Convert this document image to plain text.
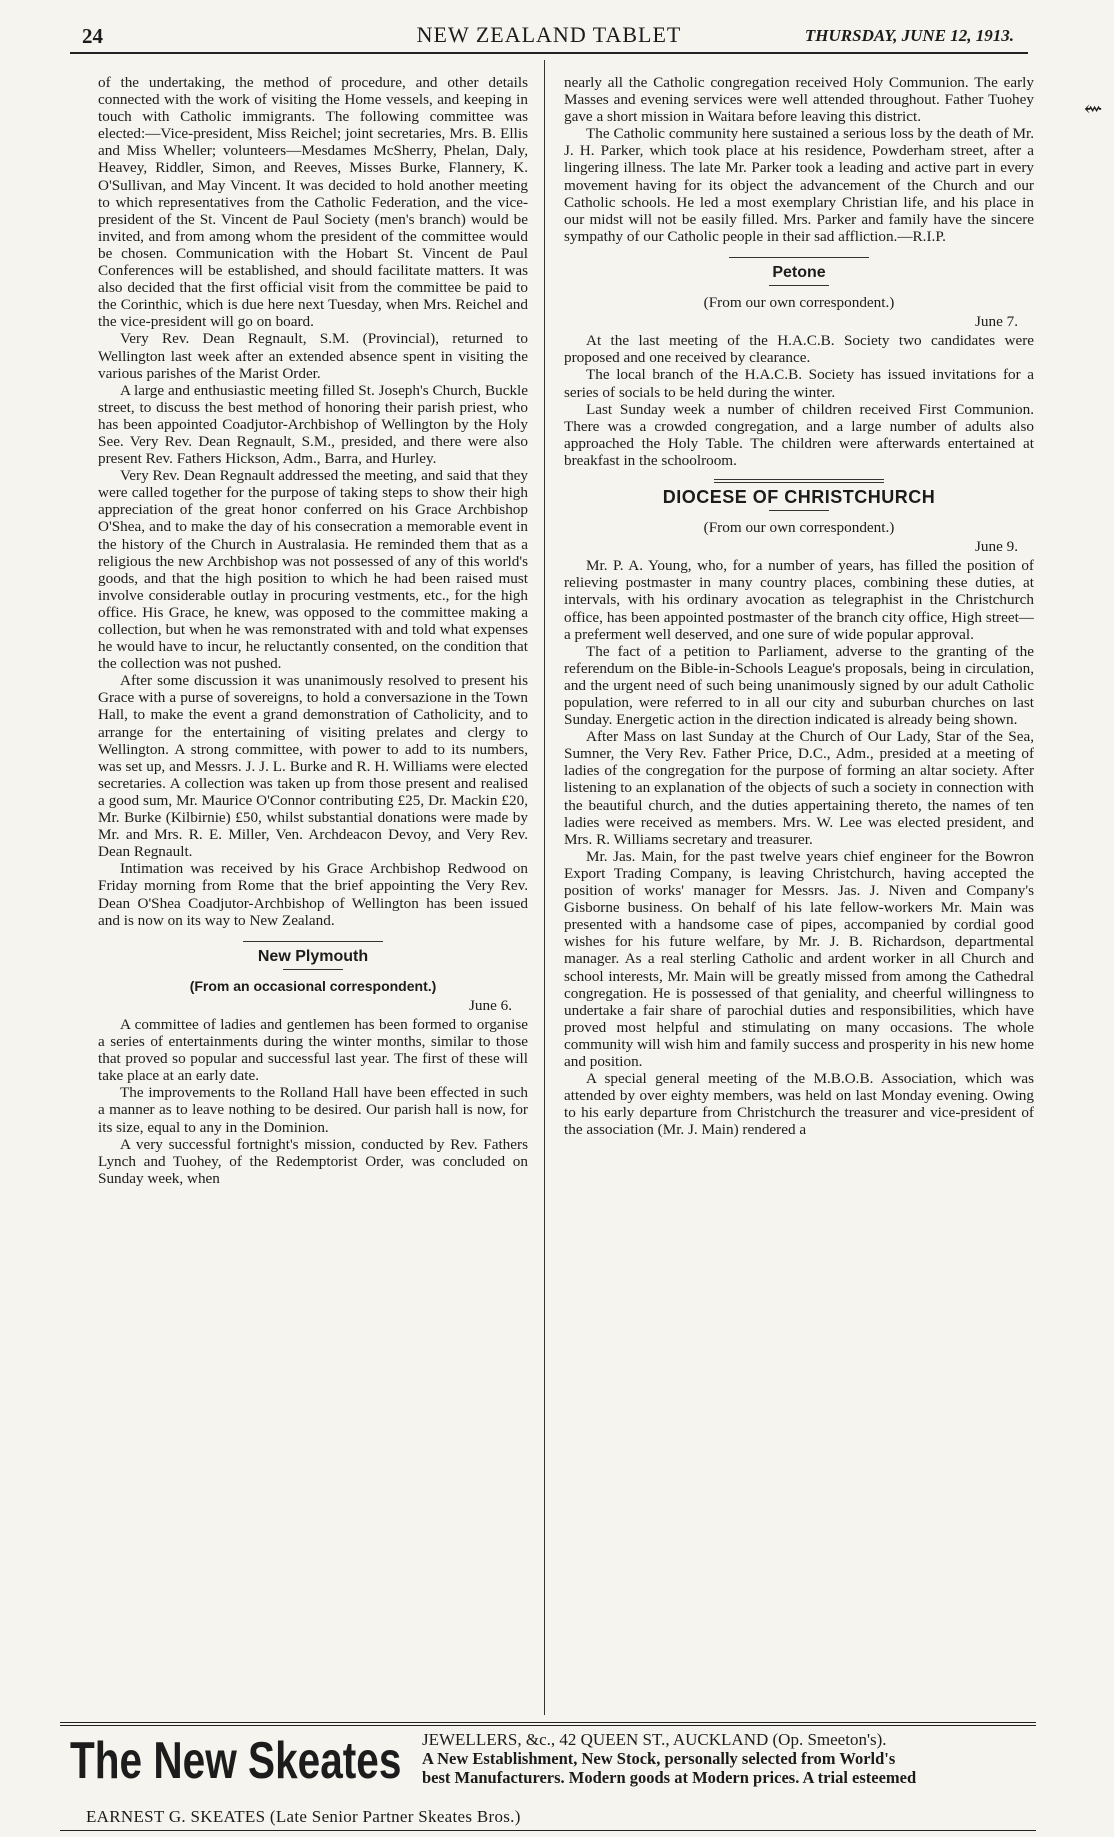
24	NEW ZEALAND TABLET	THURSDAY, JUNE 12, 1913.

of the undertaking, the method of procedure, and other details connected with the work of visiting the Home vessels, and keeping in touch with Catholic immigrants. The following committee was elected:—Vice-president, Miss Reichel; joint secretaries, Mrs. B. Ellis and Miss Wheller; volunteers—Mesdames McSherry, Phelan, Daly, Heavey, Riddler, Simon, and Reeves, Misses Burke, Flannery, K. O'Sullivan, and May Vincent. It was decided to hold another meeting to which representatives from the Catholic Federation, and the vice-president of the St. Vincent de Paul Society (men's branch) would be invited, and from among whom the president of the committee would be chosen. Communication with the Hobart St. Vincent de Paul Conferences will be established, and should facilitate matters. It was also decided that the first official visit from the committee be paid to the Corinthic, which is due here next Tuesday, when Mrs. Reichel and the vice-president will go on board.

Very Rev. Dean Regnault, S.M. (Provincial), returned to Wellington last week after an extended absence spent in visiting the various parishes of the Marist Order.

A large and enthusiastic meeting filled St. Joseph's Church, Buckle street, to discuss the best method of honoring their parish priest, who has been appointed Coadjutor-Archbishop of Wellington by the Holy See. Very Rev. Dean Regnault, S.M., presided, and there were also present Rev. Fathers Hickson, Adm., Barra, and Hurley.

Very Rev. Dean Regnault addressed the meeting, and said that they were called together for the purpose of taking steps to show their high appreciation of the great honor conferred on his Grace Archbishop O'Shea, and to make the day of his consecration a memorable event in the history of the Church in Australasia. He reminded them that as a religious the new Archbishop was not possessed of any of this world's goods, and that the high position to which he had been raised must involve considerable outlay in procuring vestments, etc., for the high office. His Grace, he knew, was opposed to the committee making a collection, but when he was remonstrated with and told what expenses he would have to incur, he reluctantly consented, on the condition that the collection was not pushed.

After some discussion it was unanimously resolved to present his Grace with a purse of sovereigns, to hold a conversazione in the Town Hall, to make the event a grand demonstration of Catholicity, and to arrange for the entertaining of visiting prelates and clergy to Wellington. A strong committee, with power to add to its numbers, was set up, and Messrs. J. J. L. Burke and R. H. Williams were elected secretaries. A collection was taken up from those present and realised a good sum, Mr. Maurice O'Connor contributing £25, Dr. Mackin £20, Mr. Burke (Kilbirnie) £50, whilst substantial donations were made by Mr. and Mrs. R. E. Miller, Ven. Archdeacon Devoy, and Very Rev. Dean Regnault.

Intimation was received by his Grace Archbishop Redwood on Friday morning from Rome that the brief appointing the Very Rev. Dean O'Shea Coadjutor-Archbishop of Wellington has been issued and is now on its way to New Zealand.

New Plymouth
(From an occasional correspondent.)
June 6.

A committee of ladies and gentlemen has been formed to organise a series of entertainments during the winter months, similar to those that proved so popular and successful last year. The first of these will take place at an early date.

The improvements to the Rolland Hall have been effected in such a manner as to leave nothing to be desired. Our parish hall is now, for its size, equal to any in the Dominion.

A very successful fortnight's mission, conducted by Rev. Fathers Lynch and Tuohey, of the Redemptorist Order, was concluded on Sunday week, when

nearly all the Catholic congregation received Holy Communion. The early Masses and evening services were well attended throughout. Father Tuohey gave a short mission in Waitara before leaving this district.

The Catholic community here sustained a serious loss by the death of Mr. J. H. Parker, which took place at his residence, Powderham street, after a lingering illness. The late Mr. Parker took a leading and active part in every movement having for its object the advancement of the Church and our Catholic schools. He led a most exemplary Christian life, and his place in our midst will not be easily filled. Mrs. Parker and family have the sincere sympathy of our Catholic people in their sad affliction.—R.I.P.

Petone
(From our own correspondent.)
June 7.

At the last meeting of the H.A.C.B. Society two candidates were proposed and one received by clearance.

The local branch of the H.A.C.B. Society has issued invitations for a series of socials to be held during the winter.

Last Sunday week a number of children received First Communion. There was a crowded congregation, and a large number of adults also approached the Holy Table. The children were afterwards entertained at breakfast in the schoolroom.

DIOCESE OF CHRISTCHURCH
(From our own correspondent.)
June 9.

Mr. P. A. Young, who, for a number of years, has filled the position of relieving postmaster in many country places, combining these duties, at intervals, with his ordinary avocation as telegraphist in the Christchurch office, has been appointed postmaster of the branch city office, High street—a preferment well deserved, and one sure of wide popular approval.

The fact of a petition to Parliament, adverse to the granting of the referendum on the Bible-in-Schools League's proposals, being in circulation, and the urgent need of such being unanimously signed by our adult Catholic population, were referred to in all our city and suburban churches on last Sunday. Energetic action in the direction indicated is already being shown.

After Mass on last Sunday at the Church of Our Lady, Star of the Sea, Sumner, the Very Rev. Father Price, D.C., Adm., presided at a meeting of ladies of the congregation for the purpose of forming an altar society. After listening to an explanation of the objects of such a society in connection with the beautiful church, and the duties appertaining thereto, the names of ten ladies were received as members. Mrs. W. Lee was elected president, and Mrs. R. Williams secretary and treasurer.

Mr. Jas. Main, for the past twelve years chief engineer for the Bowron Export Trading Company, is leaving Christchurch, having accepted the position of works' manager for Messrs. Jas. J. Niven and Company's Gisborne business. On behalf of his late fellow-workers Mr. Main was presented with a handsome case of pipes, accompanied by cordial good wishes for his future welfare, by Mr. J. B. Richardson, departmental manager. As a real sterling Catholic and ardent worker in all Church and school interests, Mr. Main will be greatly missed from among the Cathedral congregation. He is possessed of that geniality, and cheerful willingness to undertake a fair share of parochial duties and responsibilities, which have proved most helpful and stimulating on many occasions. The whole community will wish him and family success and prosperity in his new home and position.

A special general meeting of the M.B.O.B. Association, which was attended by over eighty members, was held on last Monday evening. Owing to his early departure from Christchurch the treasurer and vice-president of the association (Mr. J. Main) rendered a

⇜
The New Skeates JEWELLERS, &c., 42 QUEEN ST., AUCKLAND (Op. Smeeton's).
A New Establishment, New Stock, personally selected from World's
best Manufacturers. Modern goods at Modern prices. A trial esteemed
EARNEST G. SKEATES (Late Senior Partner Skeates Bros.)
